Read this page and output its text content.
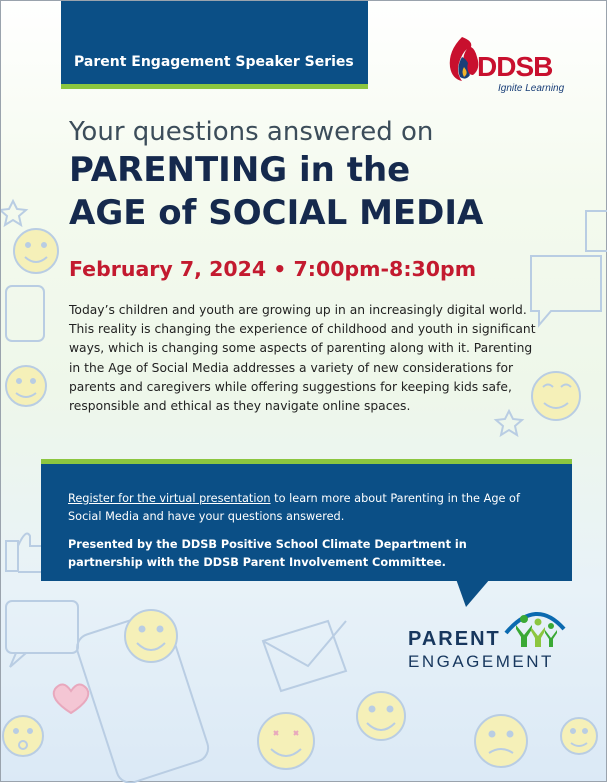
Parent Engagement Speaker Series	DDSB
Ignite Learning
Your questions answered on
PARENTING in the
AGE of SOCIAL MEDIA
February 7, 2024 • 7:00pm-8:30pm

Today’s children and youth are growing up in an increasingly digital world. This reality is changing the experience of childhood and youth in significant ways, which is changing some aspects of parenting along with it. Parenting in the Age of Social Media addresses a variety of new considerations for parents and caregivers while offering suggestions for keeping kids safe, responsible and ethical as they navigate online spaces.

Register for the virtual presentation to learn more about Parenting in the Age of Social Media and have your questions answered.

Presented by the DDSB Positive School Climate Department in partnership with the DDSB Parent Involvement Committee.

PARENT
ENGAGEMENT
